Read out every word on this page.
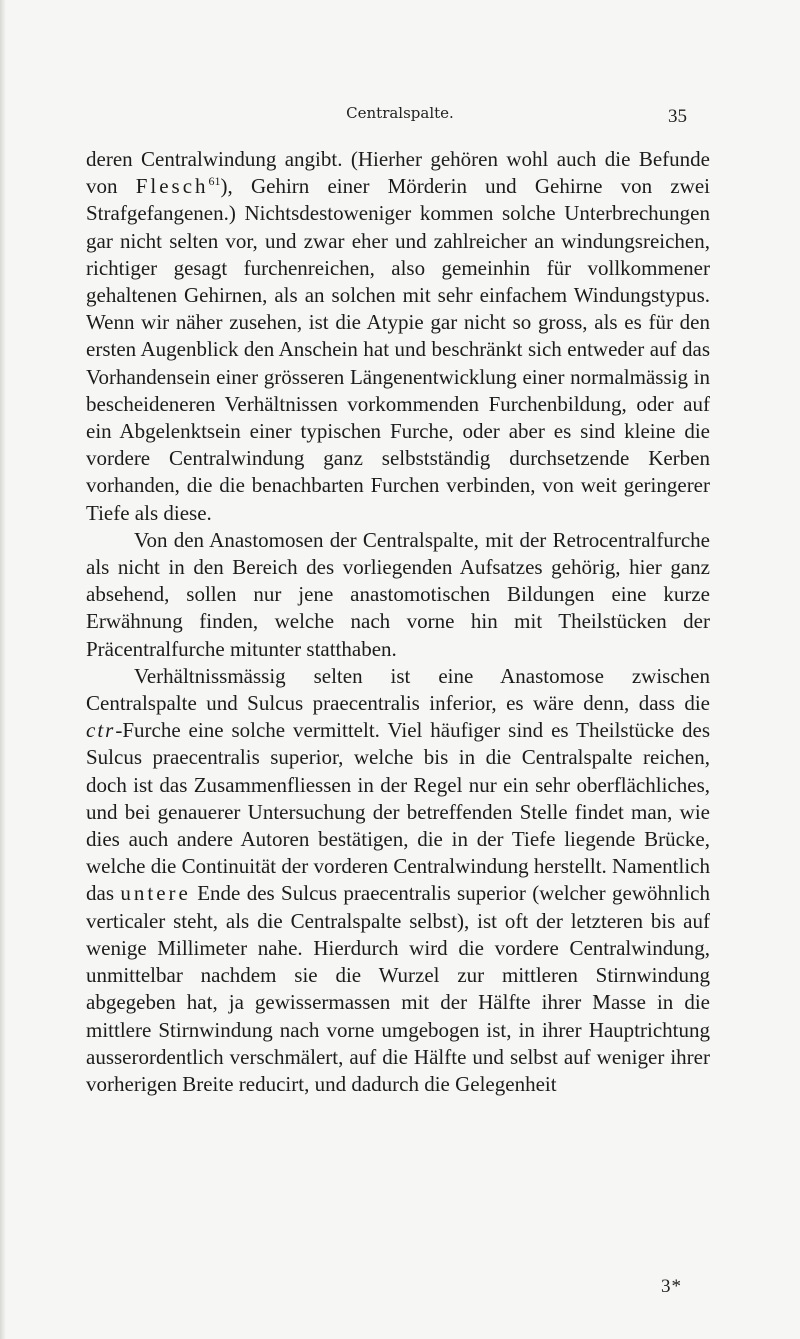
Centralspalte.	35

deren Centralwindung angibt. (Hierher gehören wohl auch die Befunde von Flesch$^{61}$), Gehirn einer Mörderin und Gehirne von zwei Strafgefangenen.) Nichtsdestoweniger kommen solche Unterbrechungen gar nicht selten vor, und zwar eher und zahlreicher an windungsreichen, richtiger gesagt furchenreichen, also gemeinhin für vollkommener gehaltenen Gehirnen, als an solchen mit sehr einfachem Windungstypus. Wenn wir näher zusehen, ist die Atypie gar nicht so gross, als es für den ersten Augenblick den Anschein hat und beschränkt sich entweder auf das Vorhandensein einer grösseren Längenentwicklung einer normalmässig in bescheideneren Verhältnissen vorkommenden Furchenbildung, oder auf ein Abgelenktsein einer typischen Furche, oder aber es sind kleine die vordere Centralwindung ganz selbstständig durchsetzende Kerben vorhanden, die die benachbarten Furchen verbinden, von weit geringerer Tiefe als diese.

Von den Anastomosen der Centralspalte, mit der Retrocentralfurche als nicht in den Bereich des vorliegenden Aufsatzes gehörig, hier ganz absehend, sollen nur jene anastomotischen Bildungen eine kurze Erwähnung finden, welche nach vorne hin mit Theilstücken der Präcentralfurche mitunter statthaben.

Verhältnissmässig selten ist eine Anastomose zwischen Centralspalte und Sulcus praecentralis inferior, es wäre denn, dass die ctr-Furche eine solche vermittelt. Viel häufiger sind es Theilstücke des Sulcus praecentralis superior, welche bis in die Centralspalte reichen, doch ist das Zusammenfliessen in der Regel nur ein sehr oberflächliches, und bei genauerer Untersuchung der betreffenden Stelle findet man, wie dies auch andere Autoren bestätigen, die in der Tiefe liegende Brücke, welche die Continuität der vorderen Centralwindung herstellt. Namentlich das untere Ende des Sulcus praecentralis superior (welcher gewöhnlich verticaler steht, als die Centralspalte selbst), ist oft der letzteren bis auf wenige Millimeter nahe. Hierdurch wird die vordere Centralwindung, unmittelbar nachdem sie die Wurzel zur mittleren Stirnwindung abgegeben hat, ja gewissermassen mit der Hälfte ihrer Masse in die mittlere Stirnwindung nach vorne umgebogen ist, in ihrer Hauptrichtung ausserordentlich verschmälert, auf die Hälfte und selbst auf weniger ihrer vorherigen Breite reducirt, und dadurch die Gelegenheit

3*
